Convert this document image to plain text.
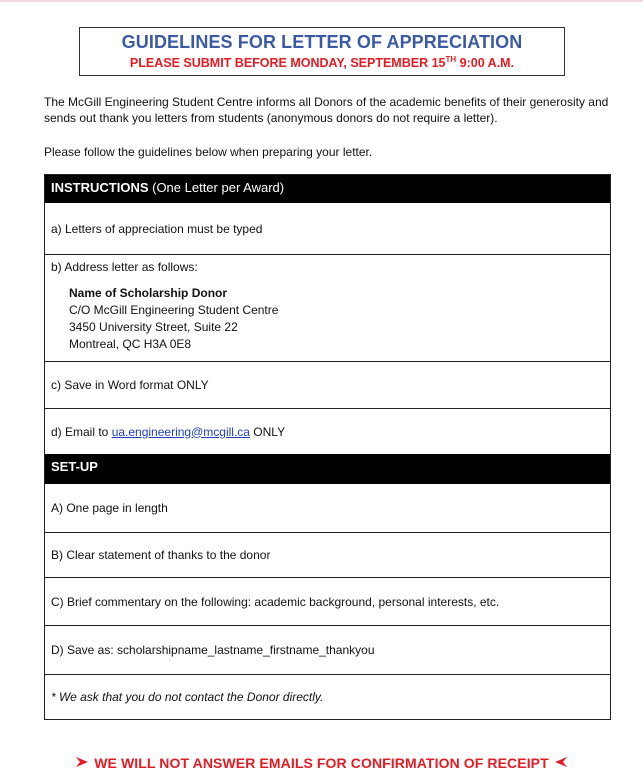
GUIDELINES FOR LETTER OF APPRECIATION
PLEASE SUBMIT BEFORE MONDAY, SEPTEMBER 15TH 9:00 A.M.
The McGill Engineering Student Centre informs all Donors of the academic benefits of their generosity and sends out thank you letters from students (anonymous donors do not require a letter).
Please follow the guidelines below when preparing your letter.
INSTRUCTIONS (One Letter per Award)
a) Letters of appreciation must be typed
b) Address letter as follows:
Name of Scholarship Donor
C/O McGill Engineering Student Centre
3450 University Street, Suite 22
Montreal, QC H3A 0E8
c) Save in Word format ONLY
d) Email to ua.engineering@mcgill.ca ONLY
SET-UP
A) One page in length
B) Clear statement of thanks to the donor
C) Brief commentary on the following: academic background, personal interests, etc.
D) Save as: scholarshipname_lastname_firstname_thankyou
* We ask that you do not contact the Donor directly.
WE WILL NOT ANSWER EMAILS FOR CONFIRMATION OF RECEIPT
